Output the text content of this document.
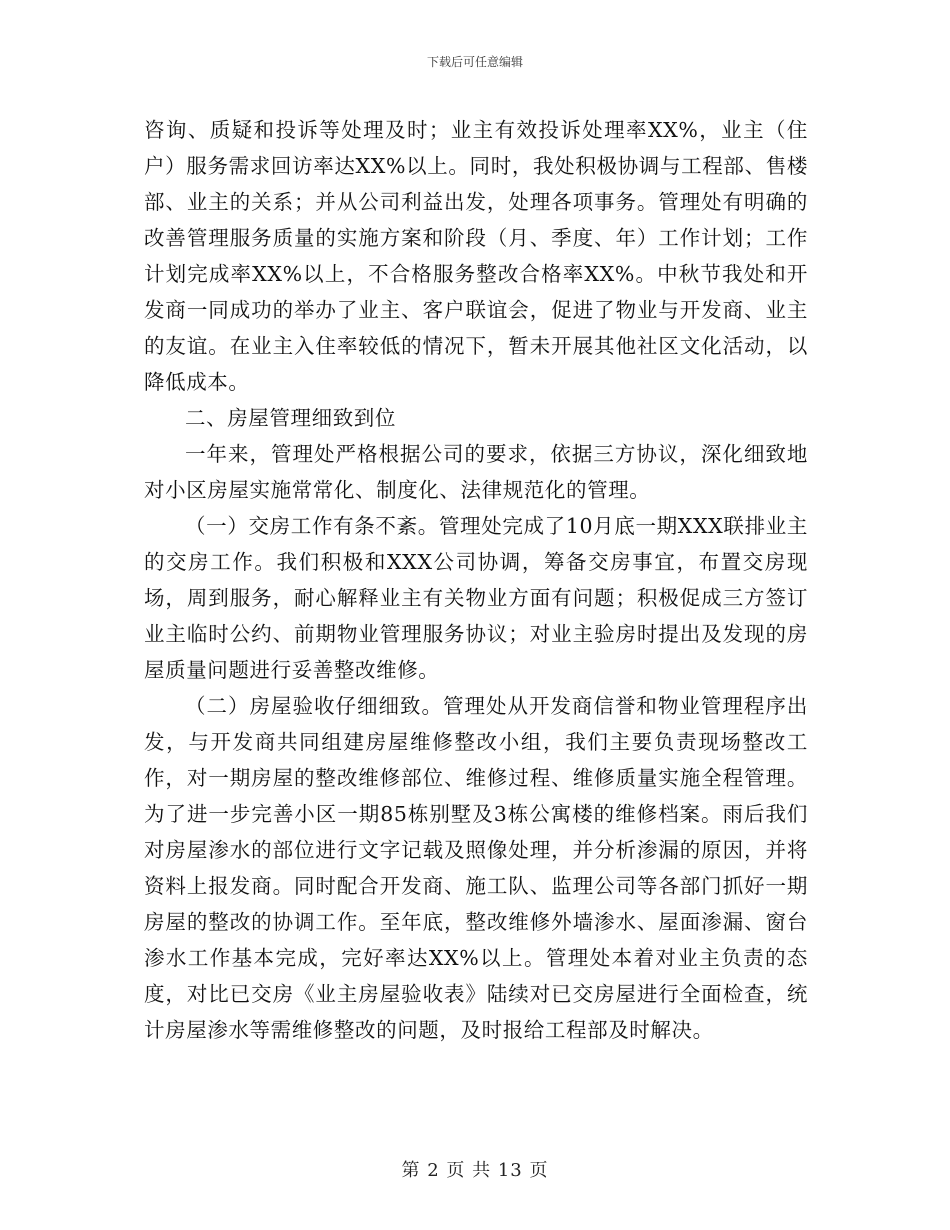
下载后可任意编辑

咨询、质疑和投诉等处理及时；业主有效投诉处理率XX%，业主（住户）服务需求回访率达XX%以上。同时，我处积极协调与工程部、售楼部、业主的关系；并从公司利益出发，处理各项事务。管理处有明确的改善管理服务质量的实施方案和阶段（月、季度、年）工作计划；工作计划完成率XX%以上，不合格服务整改合格率XX%。中秋节我处和开发商一同成功的举办了业主、客户联谊会，促进了物业与开发商、业主的友谊。在业主入住率较低的情况下，暂未开展其他社区文化活动，以降低成本。

二、房屋管理细致到位

一年来，管理处严格根据公司的要求，依据三方协议，深化细致地对小区房屋实施常常化、制度化、法律规范化的管理。

（一）交房工作有条不紊。管理处完成了10月底一期XXX联排业主的交房工作。我们积极和XXX公司协调，筹备交房事宜，布置交房现场，周到服务，耐心解释业主有关物业方面有问题；积极促成三方签订业主临时公约、前期物业管理服务协议；对业主验房时提出及发现的房屋质量问题进行妥善整改维修。

（二）房屋验收仔细细致。管理处从开发商信誉和物业管理程序出发，与开发商共同组建房屋维修整改小组，我们主要负责现场整改工作，对一期房屋的整改维修部位、维修过程、维修质量实施全程管理。为了进一步完善小区一期85栋别墅及3栋公寓楼的维修档案。雨后我们对房屋渗水的部位进行文字记载及照像处理，并分析渗漏的原因，并将资料上报发商。同时配合开发商、施工队、监理公司等各部门抓好一期房屋的整改的协调工作。至年底，整改维修外墙渗水、屋面渗漏、窗台渗水工作基本完成，完好率达XX%以上。管理处本着对业主负责的态度，对比已交房《业主房屋验收表》陆续对已交房屋进行全面检查，统计房屋渗水等需维修整改的问题，及时报给工程部及时解决。

第 2 页 共 13 页
